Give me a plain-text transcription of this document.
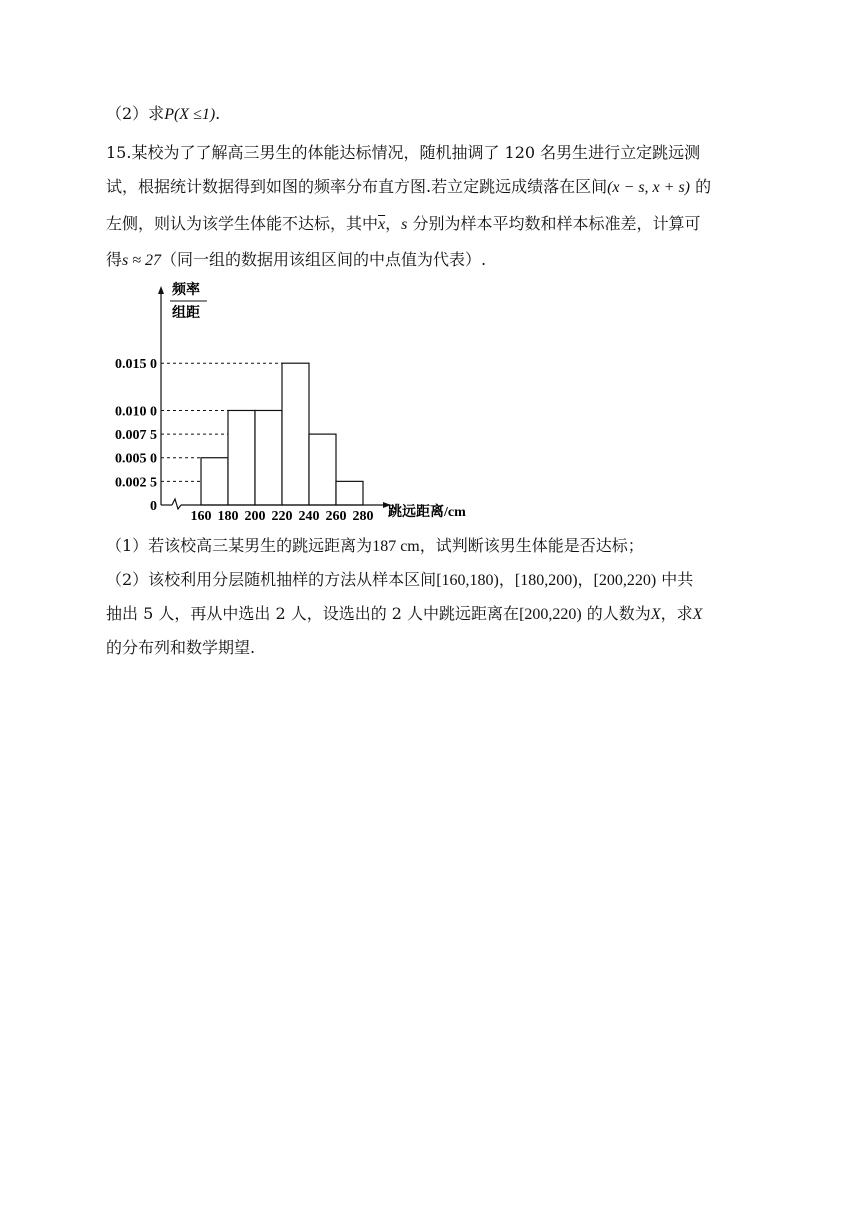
（2）求P(X ≤1).
15.某校为了了解高三男生的体能达标情况，随机抽调了 120 名男生进行立定跳远测
试，根据统计数据得到如图的频率分布直方图.若立定跳远成绩落在区间(x − s, x + s) 的
左侧，则认为该学生体能不达标，其中$\overline{x}$，s 分别为样本平均数和样本标准差，计算可
得s ≈ 27（同一组的数据用该组区间的中点值为代表）.
0
0.002 5
0.005 0
0.007 5
0.010 0
0.015 0
160 180 200 220 240 260 280
频率
组距
跳远距离/cm
（1）若该校高三某男生的跳远距离为187 cm，试判断该男生体能是否达标；
（2）该校利用分层随机抽样的方法从样本区间[160,180)，[180,200)，[200,220) 中共
抽出 5 人，再从中选出 2 人，设选出的 2 人中跳远距离在[200,220) 的人数为X，求X
的分布列和数学期望.
